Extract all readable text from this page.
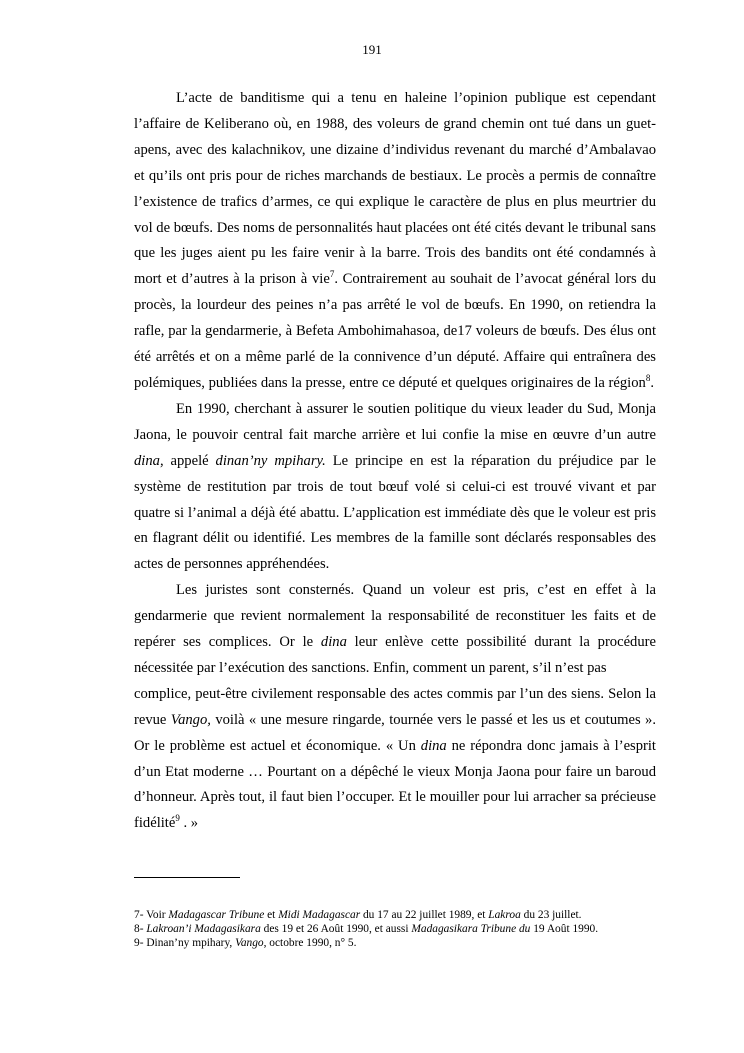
191

L’acte de banditisme qui a tenu en haleine l’opinion publique est cependant l’affaire de Keliberano où, en 1988, des voleurs de grand chemin ont tué dans un guet-apens, avec des kalachnikov, une dizaine d’individus revenant du marché d’Ambalavao et qu’ils ont pris pour de riches marchands de bestiaux. Le procès a permis de connaître l’existence de trafics d’armes, ce qui explique le caractère de plus en plus meurtrier du vol de bœufs. Des noms de personnalités haut placées ont été cités devant le tribunal sans que les juges aient pu les faire venir à la barre. Trois des bandits ont été condamnés à mort et d’autres à la prison à vie$^7$. Contrairement au souhait de l’avocat général lors du procès, la lourdeur des peines n’a pas arrêté le vol de bœufs. En 1990, on retiendra la rafle, par la gendarmerie, à Befeta Ambohimahasoa, de17 voleurs de bœufs. Des élus ont été arrêtés et on a même parlé de la connivence d’un député. Affaire qui entraînera des polémiques, publiées dans la presse, entre ce député et quelques originaires de la région$^8$.

En 1990, cherchant à assurer le soutien politique du vieux leader du Sud, Monja Jaona, le pouvoir central fait marche arrière et lui confie la mise en œuvre d’un autre dina, appelé dinan’ny mpihary. Le principe en est la réparation du préjudice par le système de restitution par trois de tout bœuf volé si celui-ci est trouvé vivant et par quatre si l’animal a déjà été abattu. L’application est immédiate dès que le voleur est pris en flagrant délit ou identifié. Les membres de la famille sont déclarés responsables des actes de personnes appréhendées.

Les juristes sont consternés. Quand un voleur est pris, c’est en effet à la gendarmerie que revient normalement la responsabilité de reconstituer les faits et de repérer ses complices. Or le dina leur enlève cette possibilité durant la procédure nécessitée par l’exécution des sanctions. Enfin, comment un parent, s’il n’est pas

complice, peut-être civilement responsable des actes commis par l’un des siens. Selon la revue Vango, voilà « une mesure ringarde, tournée vers le passé et les us et coutumes ». Or le problème est actuel et économique. « Un dina ne répondra donc jamais à l’esprit d’un Etat moderne … Pourtant on a dépêché le vieux Monja Jaona pour faire un baroud d’honneur. Après tout, il faut bien l’occuper. Et le mouiller pour lui arracher sa précieuse fidélité$^9$ . »

7- Voir Madagascar Tribune et Midi Madagascar du 17 au 22 juillet 1989, et Lakroa du 23 juillet.
8- Lakroan’i Madagasikara des 19 et 26 Août 1990, et aussi Madagasikara Tribune du 19 Août 1990.
9- Dinan’ny mpihary, Vango, octobre 1990, n° 5.
